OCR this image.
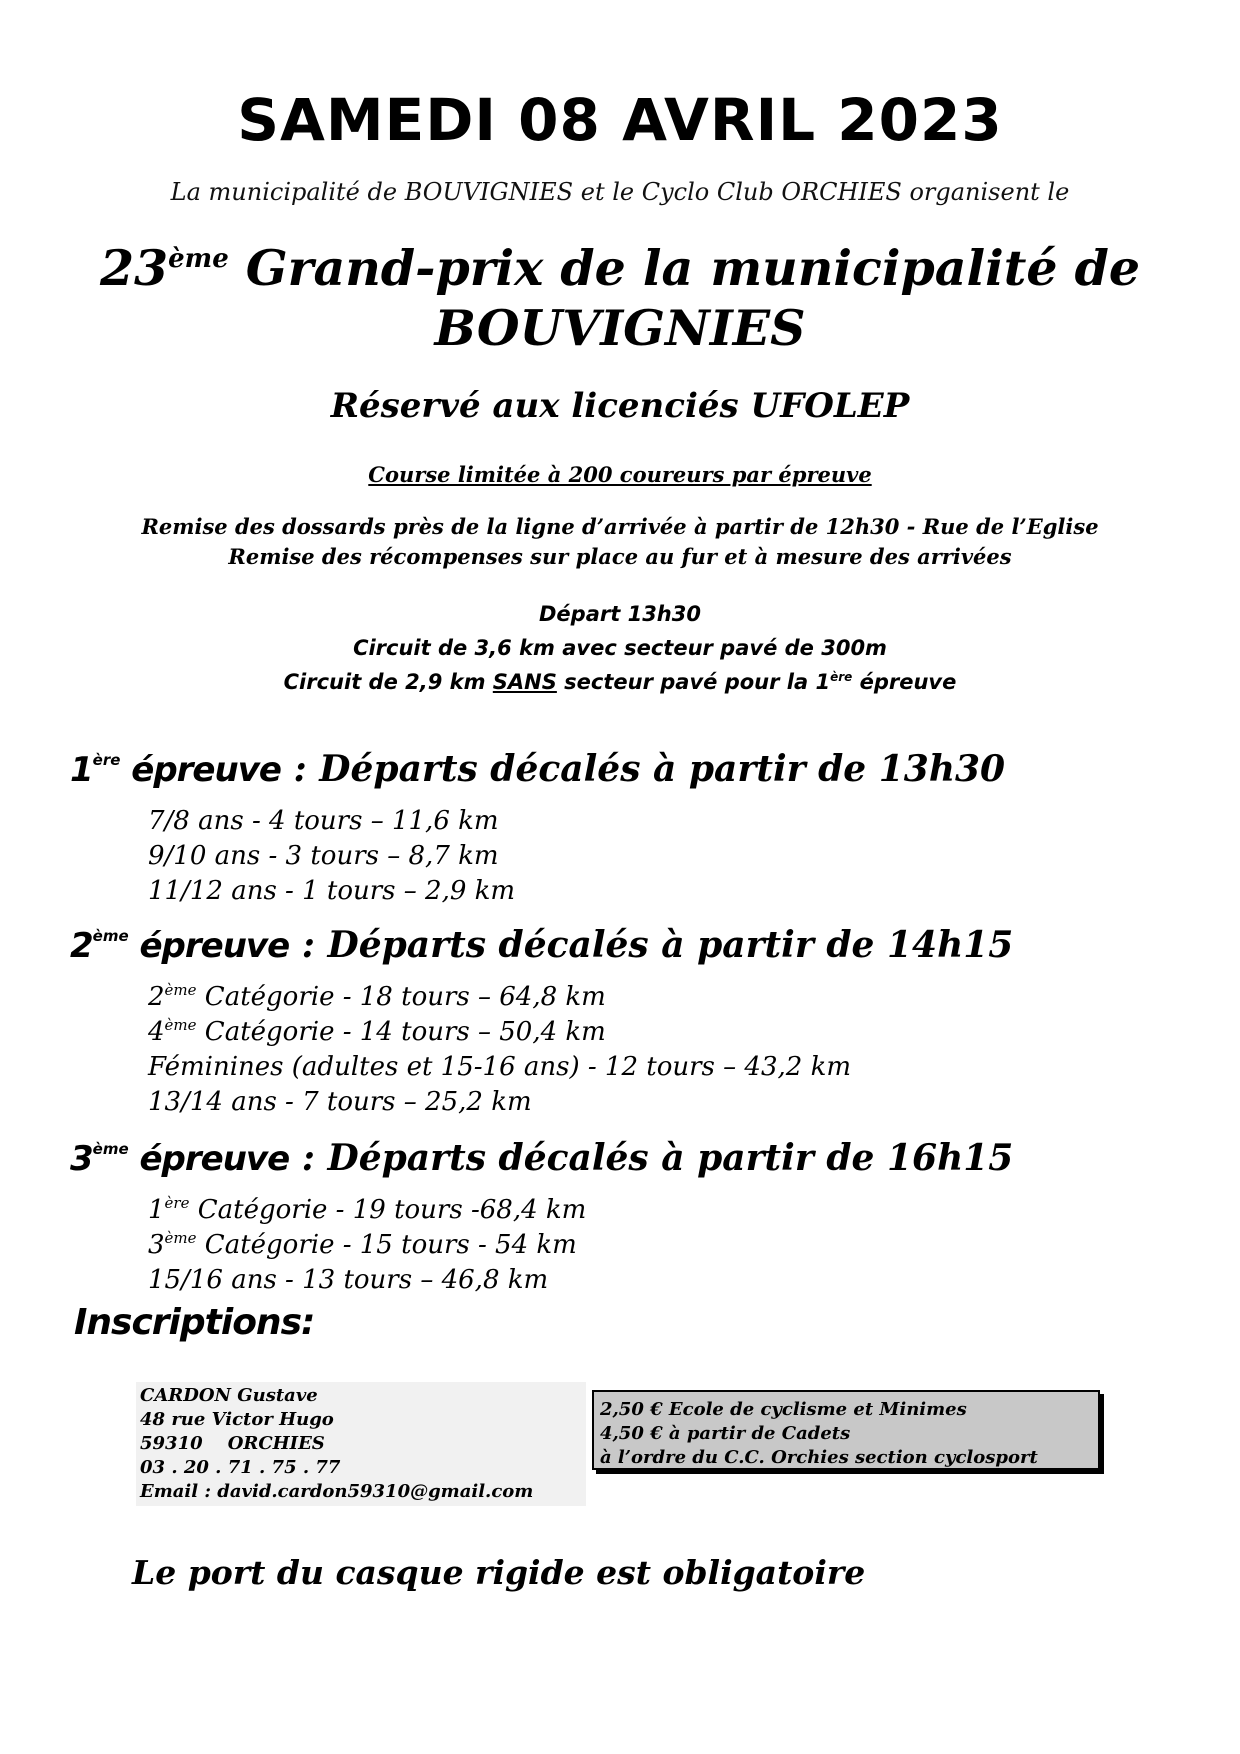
SAMEDI 08 AVRIL 2023
La municipalité de BOUVIGNIES et le Cyclo Club ORCHIES organisent le
23ème Grand-prix de la municipalité de
BOUVIGNIES
Réservé aux licenciés UFOLEP
Course limitée à 200 coureurs par épreuve
Remise des dossards près de la ligne d’arrivée à partir de 12h30 - Rue de l’Eglise
Remise des récompenses sur place au fur et à mesure des arrivées
Départ 13h30
Circuit de 3,6 km avec secteur pavé de 300m
Circuit de 2,9 km SANS secteur pavé pour la 1ère épreuve
1ère épreuve : Départs décalés à partir de 13h30
7/8 ans - 4 tours – 11,6 km
9/10 ans - 3 tours – 8,7 km
11/12 ans - 1 tours – 2,9 km
2ème épreuve : Départs décalés à partir de 14h15
2ème Catégorie - 18 tours – 64,8 km
4ème Catégorie - 14 tours – 50,4 km
Féminines (adultes et 15-16 ans) - 12 tours – 43,2 km
13/14 ans - 7 tours – 25,2 km
3ème épreuve : Départs décalés à partir de 16h15
1ère Catégorie - 19 tours -68,4 km
3ème Catégorie - 15 tours - 54 km
15/16 ans - 13 tours – 46,8 km
Inscriptions:
CARDON Gustave
48 rue Victor Hugo
59310    ORCHIES
03 . 20 . 71 . 75 . 77
Email : david.cardon59310@gmail.com
2,50 € Ecole de cyclisme et Minimes
4,50 € à partir de Cadets
à l’ordre du C.C. Orchies section cyclosport
Le port du casque rigide est obligatoire
